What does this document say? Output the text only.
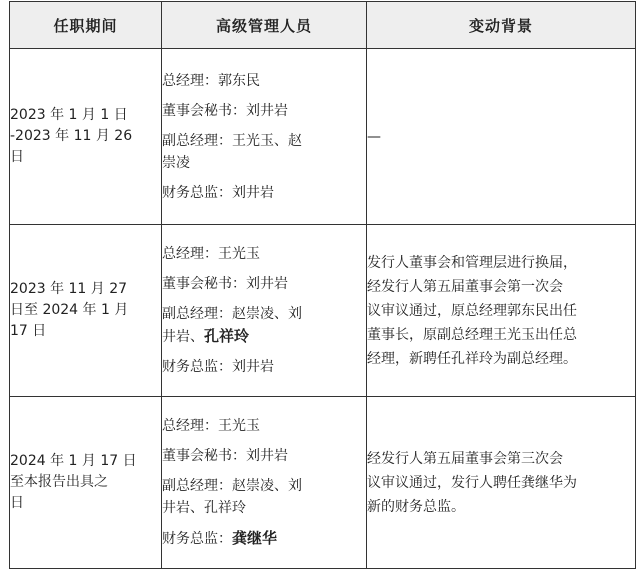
任职期间	高级管理人员	变动背景

2023 年 1 月 1 日
-2023 年 11 月 26
日	总经理：郭东民
董事会秘书：刘井岩
副总经理：王光玉、赵
崇凌
财务总监：刘井岩	—

2023 年 11 月 27
日至 2024 年 1 月
17 日	总经理：王光玉
董事会秘书：刘井岩
副总经理：赵崇凌、刘
井岩、孔祥玲
财务总监：刘井岩	发行人董事会和管理层进行换届，
经发行人第五届董事会第一次会
议审议通过，原总经理郭东民出任
董事长，原副总经理王光玉出任总
经理，新聘任孔祥玲为副总经理。

2024 年 1 月 17 日
至本报告出具之
日	总经理：王光玉
董事会秘书：刘井岩
副总经理：赵崇凌、刘
井岩、孔祥玲
财务总监：龚继华	经发行人第五届董事会第三次会
议审议通过，发行人聘任龚继华为
新的财务总监。
